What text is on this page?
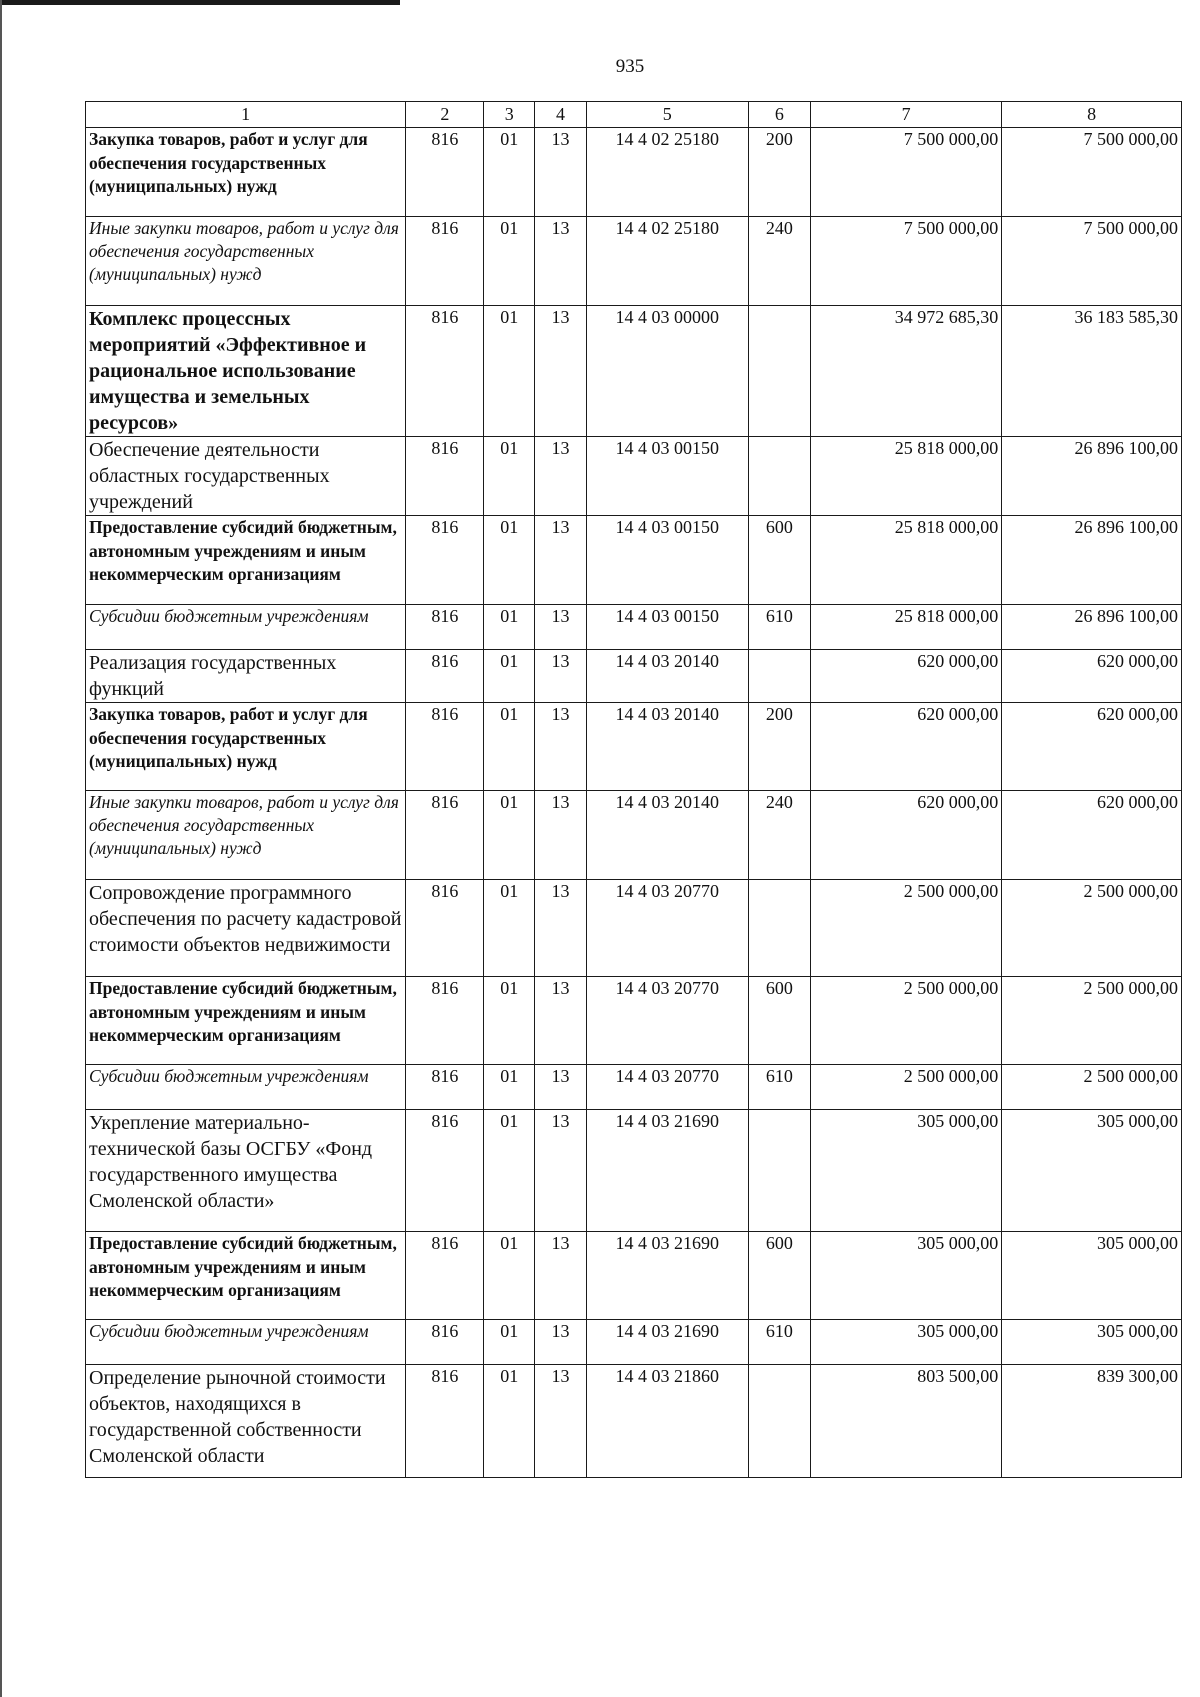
935
1	2	3	4	5	6	7	8
Закупка товаров, работ и услуг для обеспечения государственных (муниципальных) нужд	816	01	13	14 4 02 25180	200	7 500 000,00	7 500 000,00
Иные закупки товаров, работ и услуг для обеспечения государственных (муниципальных) нужд	816	01	13	14 4 02 25180	240	7 500 000,00	7 500 000,00
Комплекс процессных мероприятий «Эффективное и рациональное использование имущества и земельных ресурсов»	816	01	13	14 4 03 00000		34 972 685,30	36 183 585,30
Обеспечение деятельности областных государственных учреждений	816	01	13	14 4 03 00150		25 818 000,00	26 896 100,00
Предоставление субсидий бюджетным, автономным учреждениям и иным некоммерческим организациям	816	01	13	14 4 03 00150	600	25 818 000,00	26 896 100,00
Субсидии бюджетным учреждениям	816	01	13	14 4 03 00150	610	25 818 000,00	26 896 100,00
Реализация государственных функций	816	01	13	14 4 03 20140		620 000,00	620 000,00
Закупка товаров, работ и услуг для обеспечения государственных (муниципальных) нужд	816	01	13	14 4 03 20140	200	620 000,00	620 000,00
Иные закупки товаров, работ и услуг для обеспечения государственных (муниципальных) нужд	816	01	13	14 4 03 20140	240	620 000,00	620 000,00
Сопровождение программного обеспечения по расчету кадастровой стоимости объектов недвижимости	816	01	13	14 4 03 20770		2 500 000,00	2 500 000,00
Предоставление субсидий бюджетным, автономным учреждениям и иным некоммерческим организациям	816	01	13	14 4 03 20770	600	2 500 000,00	2 500 000,00
Субсидии бюджетным учреждениям	816	01	13	14 4 03 20770	610	2 500 000,00	2 500 000,00
Укрепление материально-технической базы ОСГБУ «Фонд государственного имущества Смоленской области»	816	01	13	14 4 03 21690		305 000,00	305 000,00
Предоставление субсидий бюджетным, автономным учреждениям и иным некоммерческим организациям	816	01	13	14 4 03 21690	600	305 000,00	305 000,00
Субсидии бюджетным учреждениям	816	01	13	14 4 03 21690	610	305 000,00	305 000,00
Определение рыночной стоимости объектов, находящихся в государственной собственности Смоленской области	816	01	13	14 4 03 21860		803 500,00	839 300,00
